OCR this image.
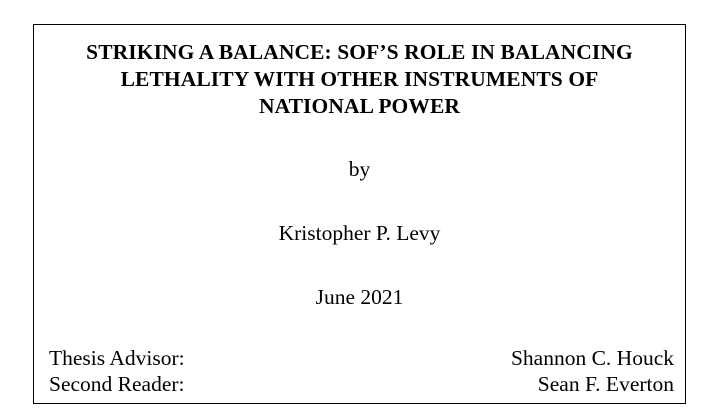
STRIKING A BALANCE: SOF’S ROLE IN BALANCING
LETHALITY WITH OTHER INSTRUMENTS OF
NATIONAL POWER
by
Kristopher P. Levy
June 2021
Thesis Advisor:	Shannon C. Houck
Second Reader:	Sean F. Everton
